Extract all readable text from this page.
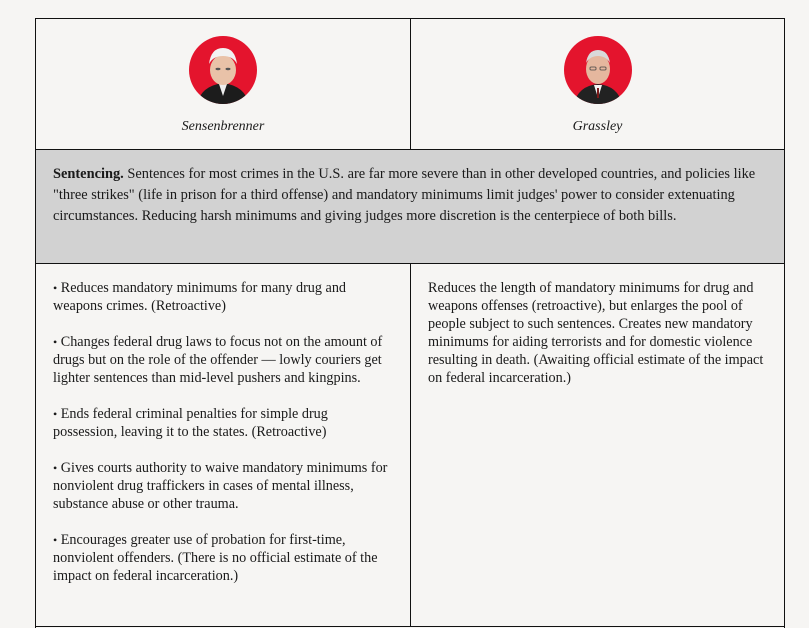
Sensenbrenner	Grassley
Sentencing. Sentences for most crimes in the U.S. are far more severe than in other developed countries, and policies like "three strikes" (life in prison for a third offense) and mandatory minimums limit judges' power to consider extenuating circumstances. Reducing harsh minimums and giving judges more discretion is the centerpiece of both bills.

• Reduces mandatory minimums for many drug and weapons crimes. (Retroactive)

• Changes federal drug laws to focus not on the amount of drugs but on the role of the offender — lowly couriers get lighter sentences than mid-level pushers and kingpins.

• Ends federal criminal penalties for simple drug possession, leaving it to the states. (Retroactive)

• Gives courts authority to waive mandatory minimums for nonviolent drug traffickers in cases of mental illness, substance abuse or other trauma.

• Encourages greater use of probation for first-time, nonviolent offenders. (There is no official estimate of the impact on federal incarceration.)

Reduces the length of mandatory minimums for drug and weapons offenses (retroactive), but enlarges the pool of people subject to such sentences. Creates new mandatory minimums for aiding terrorists and for domestic violence resulting in death. (Awaiting official estimate of the impact on federal incarceration.)
